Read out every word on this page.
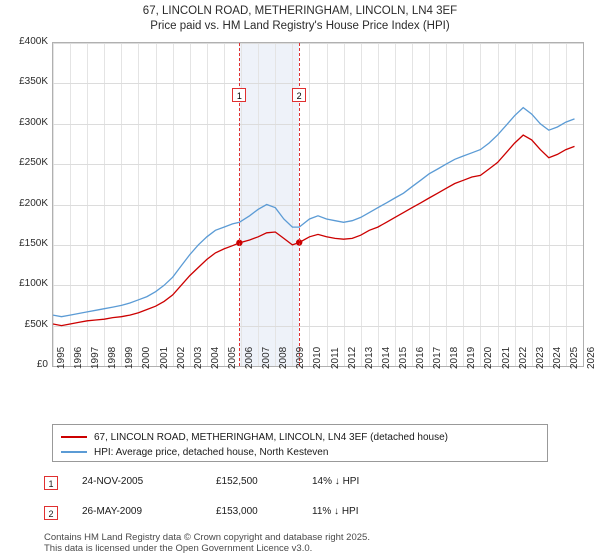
67, LINCOLN ROAD, METHERINGHAM, LINCOLN, LN4 3EF
Price paid vs. HM Land Registry's House Price Index (HPI)
1	2
67, LINCOLN ROAD, METHERINGHAM, LINCOLN, LN4 3EF (detached house)
HPI: Average price, detached house, North Kesteven
1	24-NOV-2005	£152,500	14% ↓ HPI
2	26-MAY-2009	£153,000	11% ↓ HPI
Contains HM Land Registry data © Crown copyright and database right 2025.
This data is licensed under the Open Government Licence v3.0.
1995 1996 1997 1998 1999 2000 2001 2002 2003 2004 2005 2006 2007 2008 2009 2010 2011 2012 2013 2014 2015 2016 2017 2018 2019 2020 2021 2022 2023 2024 2025 2026
£0
£50K
£100K
£150K
£200K
£250K
£300K
£350K
£400K
